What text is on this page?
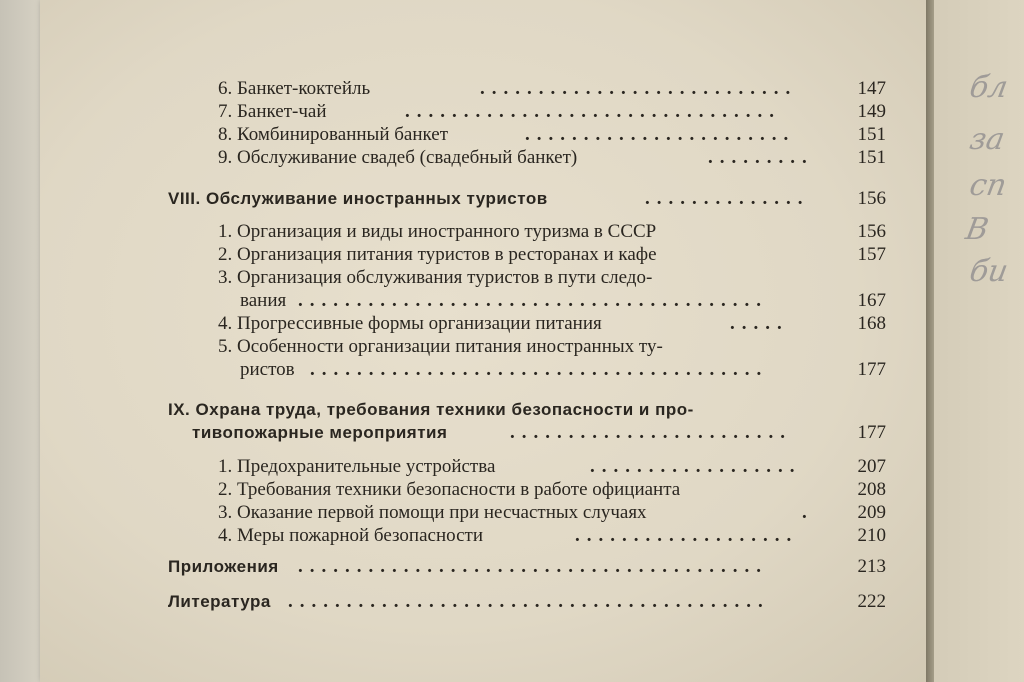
6. Банкет-коктейль	...........................	147
7. Банкет-чай	................................	149
8. Комбинированный банкет	.......................	151
9. Обслуживание свадеб (свадебный банкет)	.........	151
VIII. Обслуживание иностранных туристов	..............	156
1. Организация и виды иностранного туризма в СССР	156
2. Организация питания туристов в ресторанах и кафе	157
3. Организация обслуживания туристов в пути следо-
вания ........................................	167
4. Прогрессивные формы организации питания	.....	168
5. Особенности организации питания иностранных ту-
ристов .......................................	177
IX. Охрана труда, требования техники безопасности и про-
тивопожарные мероприятия	........................	177
1. Предохранительные устройства	..................	207
2. Требования техники безопасности в работе официанта	208
3. Оказание первой помощи при несчастных случаях	.	209
4. Меры пожарной безопасности	...................	210
Приложения ........................................	213
Литература .........................................	222
бл
за
сп
В
би
